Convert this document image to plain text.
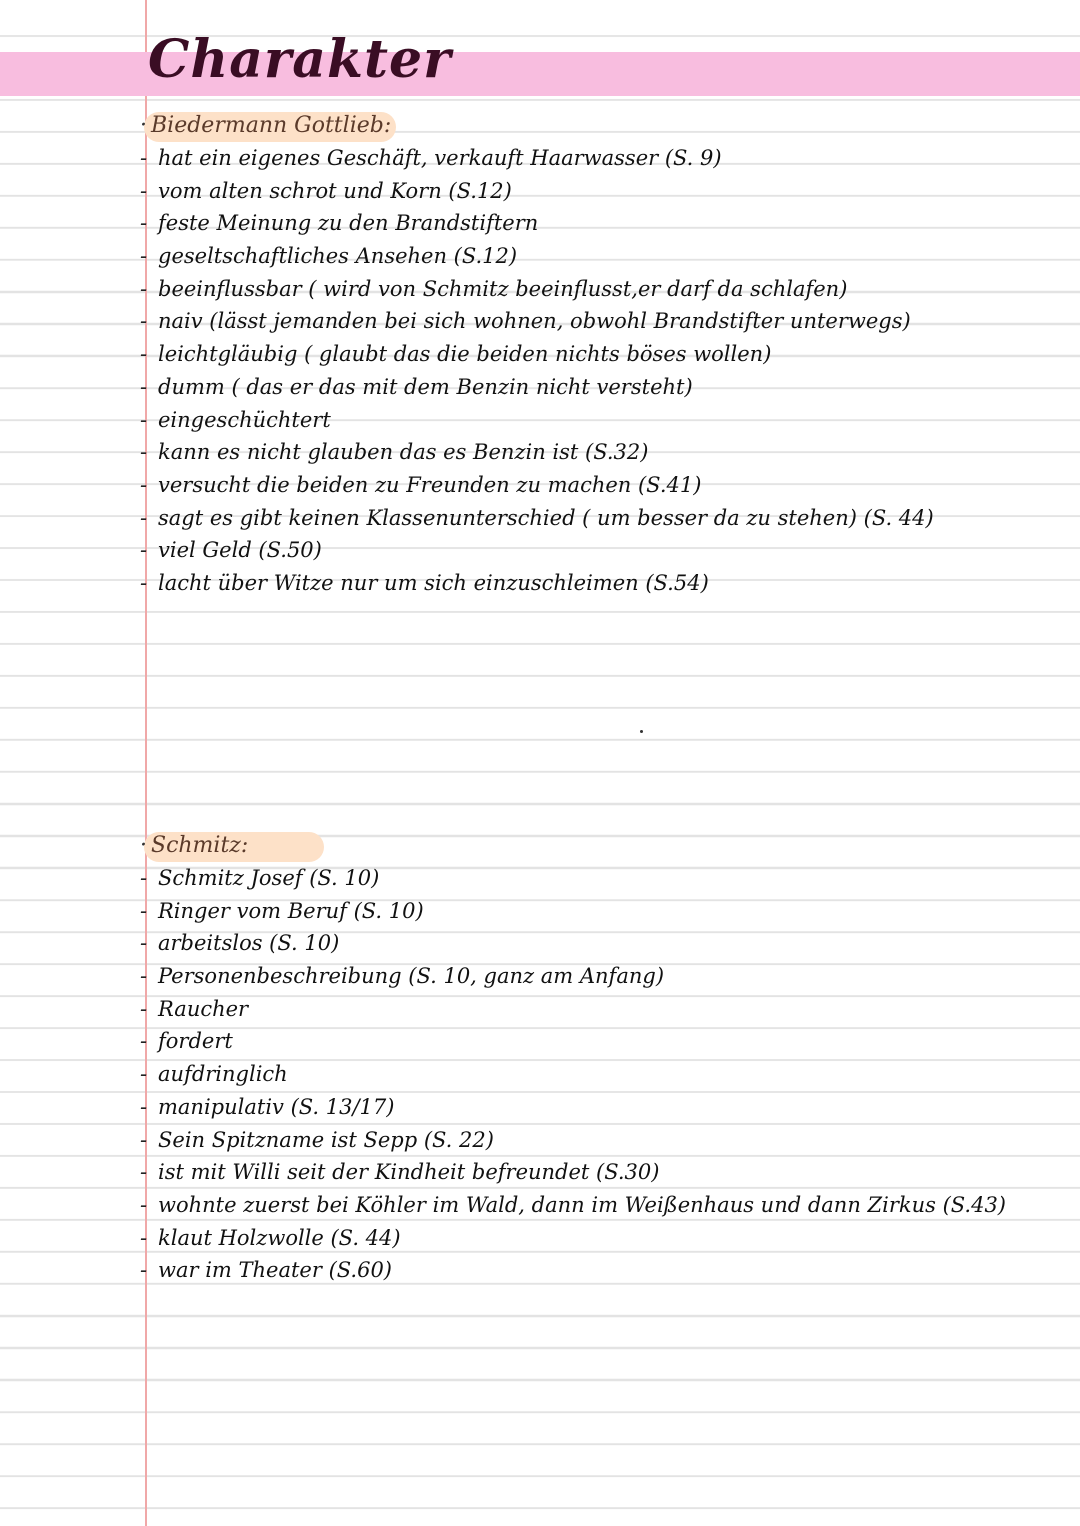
Charakter
· Biedermann Gottlieb:
- hat ein eigenes Geschäft, verkauft Haarwasser (S. 9)
- vom alten schrot und Korn (S.12)
- feste Meinung zu den Brandstiftern
- geseltschaftliches Ansehen (S.12)
- beeinflussbar ( wird von Schmitz beeinflusst,er darf da schlafen)
- naiv (lässt jemanden bei sich wohnen, obwohl Brandstifter unterwegs)
- leichtgläubig ( glaubt das die beiden nichts böses wollen)
- dumm ( das er das mit dem Benzin nicht versteht)
- eingeschüchtert
- kann es nicht glauben das es Benzin ist (S.32)
- versucht die beiden zu Freunden zu machen (S.41)
- sagt es gibt keinen Klassenunterschied ( um besser da zu stehen) (S. 44)
- viel Geld (S.50)
- lacht über Witze nur um sich einzuschleimen (S.54)
· Schmitz:
- Schmitz Josef (S. 10)
- Ringer vom Beruf (S. 10)
- arbeitslos (S. 10)
- Personenbeschreibung (S. 10, ganz am Anfang)
- Raucher
- fordert
- aufdringlich
- manipulativ (S. 13/17)
- Sein Spitzname ist Sepp (S. 22)
- ist mit Willi seit der Kindheit befreundet (S.30)
- wohnte zuerst bei Köhler im Wald, dann im Weißenhaus und dann Zirkus (S.43)
- klaut Holzwolle (S. 44)
- war im Theater (S.60)
